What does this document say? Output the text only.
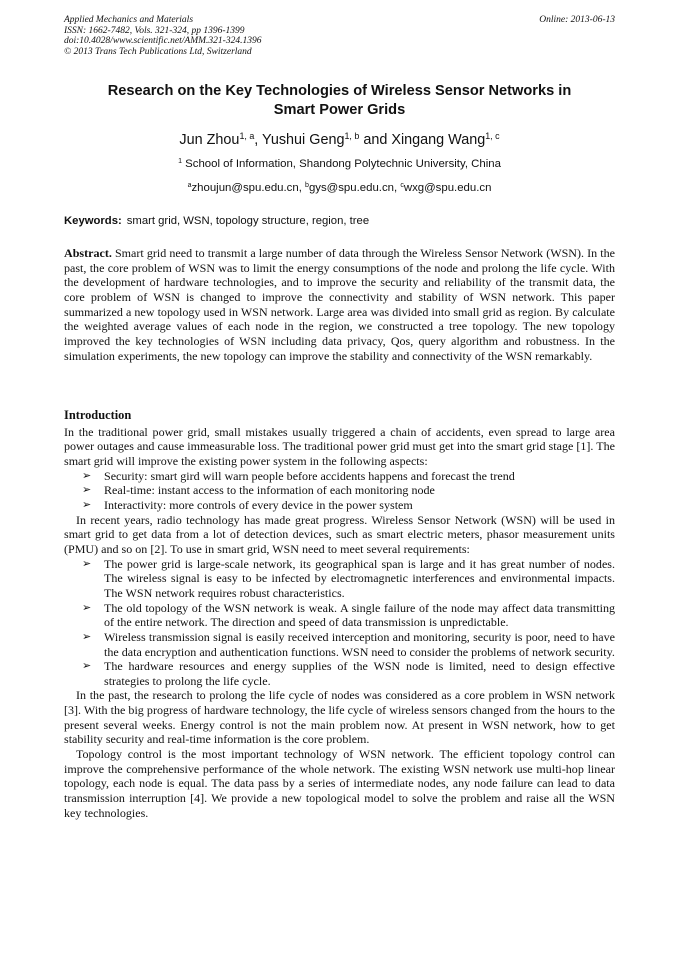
Applied Mechanics and Materials
ISSN: 1662-7482, Vols. 321-324, pp 1396-1399
doi:10.4028/www.scientific.net/AMM.321-324.1396
© 2013 Trans Tech Publications Ltd, Switzerland
Online: 2013-06-13
Research on the Key Technologies of Wireless Sensor Networks in
Smart Power Grids
Jun Zhou$^{1, a}$, Yushui Geng$^{1, b}$ and Xingang Wang$^{1, c}$
$^1$ School of Information, Shandong Polytechnic University, China
$^a$zhoujun@spu.edu.cn, $^b$gys@spu.edu.cn, $^c$wxg@spu.edu.cn
Keywords: smart grid, WSN, topology structure, region, tree

Abstract. Smart grid need to transmit a large number of data through the Wireless Sensor Network (WSN). In the past, the core problem of WSN was to limit the energy consumptions of the node and prolong the life cycle. With the development of hardware technologies, and to improve the security and reliability of the transmit data, the core problem of WSN is changed to improve the connectivity and stability of WSN network. This paper summarized a new topology used in WSN network. Large area was divided into small grid as region. By calculate the weighted average values of each node in the region, we constructed a tree topology. The new topology improved the key technologies of WSN including data privacy, Qos, query algorithm and robustness. In the simulation experiments, the new topology can improve the stability and connectivity of the WSN remarkably.

Introduction

In the traditional power grid, small mistakes usually triggered a chain of accidents, even spread to large area power outages and cause immeasurable loss. The traditional power grid must get into the smart grid stage [1]. The smart grid will improve the existing power system in the following aspects:

➢ Security: smart gird will warn people before accidents happens and forecast the trend
➢ Real-time: instant access to the information of each monitoring node
➢ Interactivity: more controls of every device in the power system

In recent years, radio technology has made great progress. Wireless Sensor Network (WSN) will be used in smart grid to get data from a lot of detection devices, such as smart electric meters, phasor measurement units (PMU) and so on [2]. To use in smart grid, WSN need to meet several requirements:

➢ The power grid is large-scale network, its geographical span is large and it has great number of nodes. The wireless signal is easy to be infected by electromagnetic interferences and environmental impacts. The WSN network requires robust characteristics.
➢ The old topology of the WSN network is weak. A single failure of the node may affect data transmitting of the entire network. The direction and speed of data transmission is unpredictable.
➢ Wireless transmission signal is easily received interception and monitoring, security is poor, need to have the data encryption and authentication functions. WSN need to consider the problems of network security.
➢ The hardware resources and energy supplies of the WSN node is limited, need to design effective strategies to prolong the life cycle.

In the past, the research to prolong the life cycle of nodes was considered as a core problem in WSN network [3]. With the big progress of hardware technology, the life cycle of wireless sensors changed from the hours to the present several weeks. Energy control is not the main problem now. At present in WSN network, how to get stability security and real-time information is the core problem.

Topology control is the most important technology of WSN network. The efficient topology control can improve the comprehensive performance of the whole network. The existing WSN network use multi-hop linear topology, each node is equal. The data pass by a series of intermediate nodes, any node failure can lead to data transmission interruption [4]. We provide a new topological model to solve the problem and raise all the WSN key technologies.
